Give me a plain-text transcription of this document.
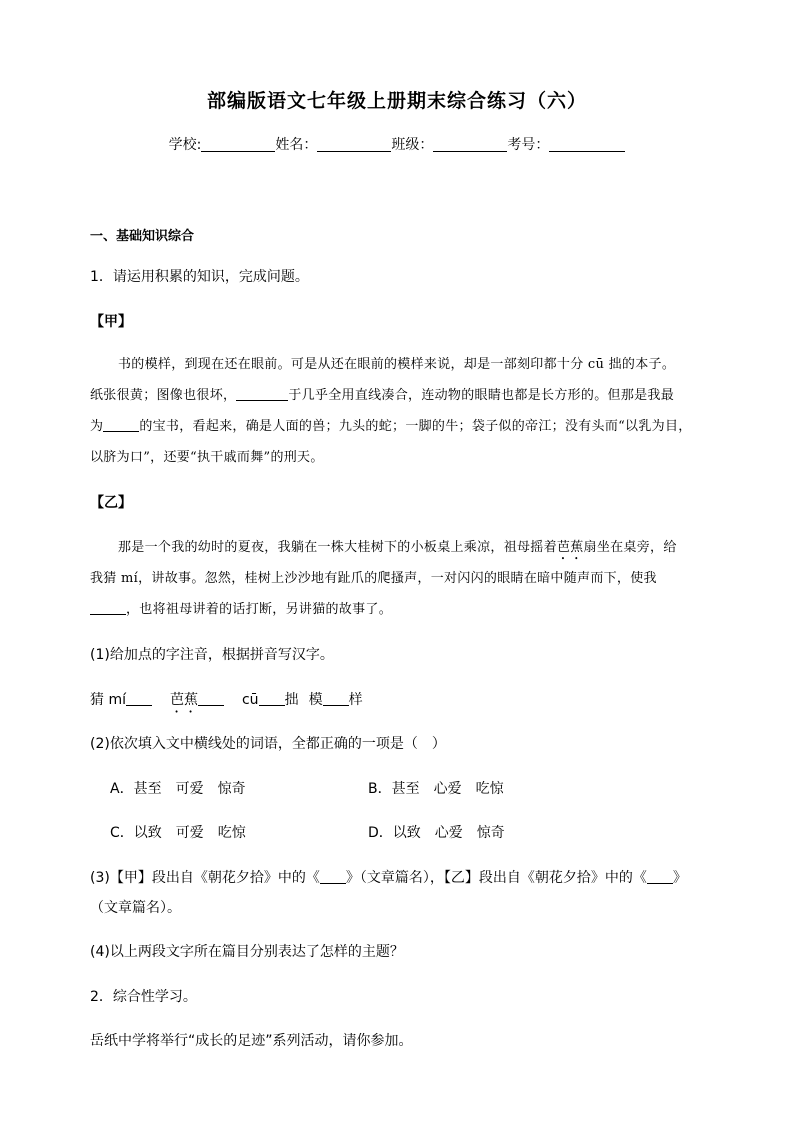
部编版语文七年级上册期末综合练习（六）
学校:	姓名：	班级：	考号：
一、基础知识综合
1．请运用积累的知识，完成问题。
【甲】
书的模样，到现在还在眼前。可是从还在眼前的模样来说，却是一部刻印都十分 cū 拙的本子。
纸张很黄；图像也很坏，	于几乎全用直线凑合，连动物的眼睛也都是长方形的。但那是我最
为	的宝书，看起来，确是人面的兽；九头的蛇；一脚的牛；袋子似的帝江；没有头而“以乳为目，
以脐为口”，还要“执干戚而舞”的刑天。
【乙】
那是一个我的幼时的夏夜，我躺在一株大桂树下的小板桌上乘凉，祖母摇着芭蕉扇坐在桌旁，给
我猜 mí，讲故事。忽然，桂树上沙沙地有趾爪的爬搔声，一对闪闪的眼睛在暗中随声而下，使我
，也将祖母讲着的话打断，另讲猫的故事了。
(1)给加点的字注音，根据拼音写汉字。
猜 mí	芭蕉	cū 拙 模 样
(2)依次填入文中横线处的词语，全都正确的一项是（　）
A．甚至 可爱 惊奇	B．甚至 心爱 吃惊
C．以致 可爱 吃惊	D．以致 心爱 惊奇
(3)【甲】段出自《朝花夕拾》中的《 》（文章篇名），【乙】段出自《朝花夕拾》中的《 》
（文章篇名）。
(4)以上两段文字所在篇目分别表达了怎样的主题？
2．综合性学习。
岳纸中学将举行“成长的足迹”系列活动，请你参加。
